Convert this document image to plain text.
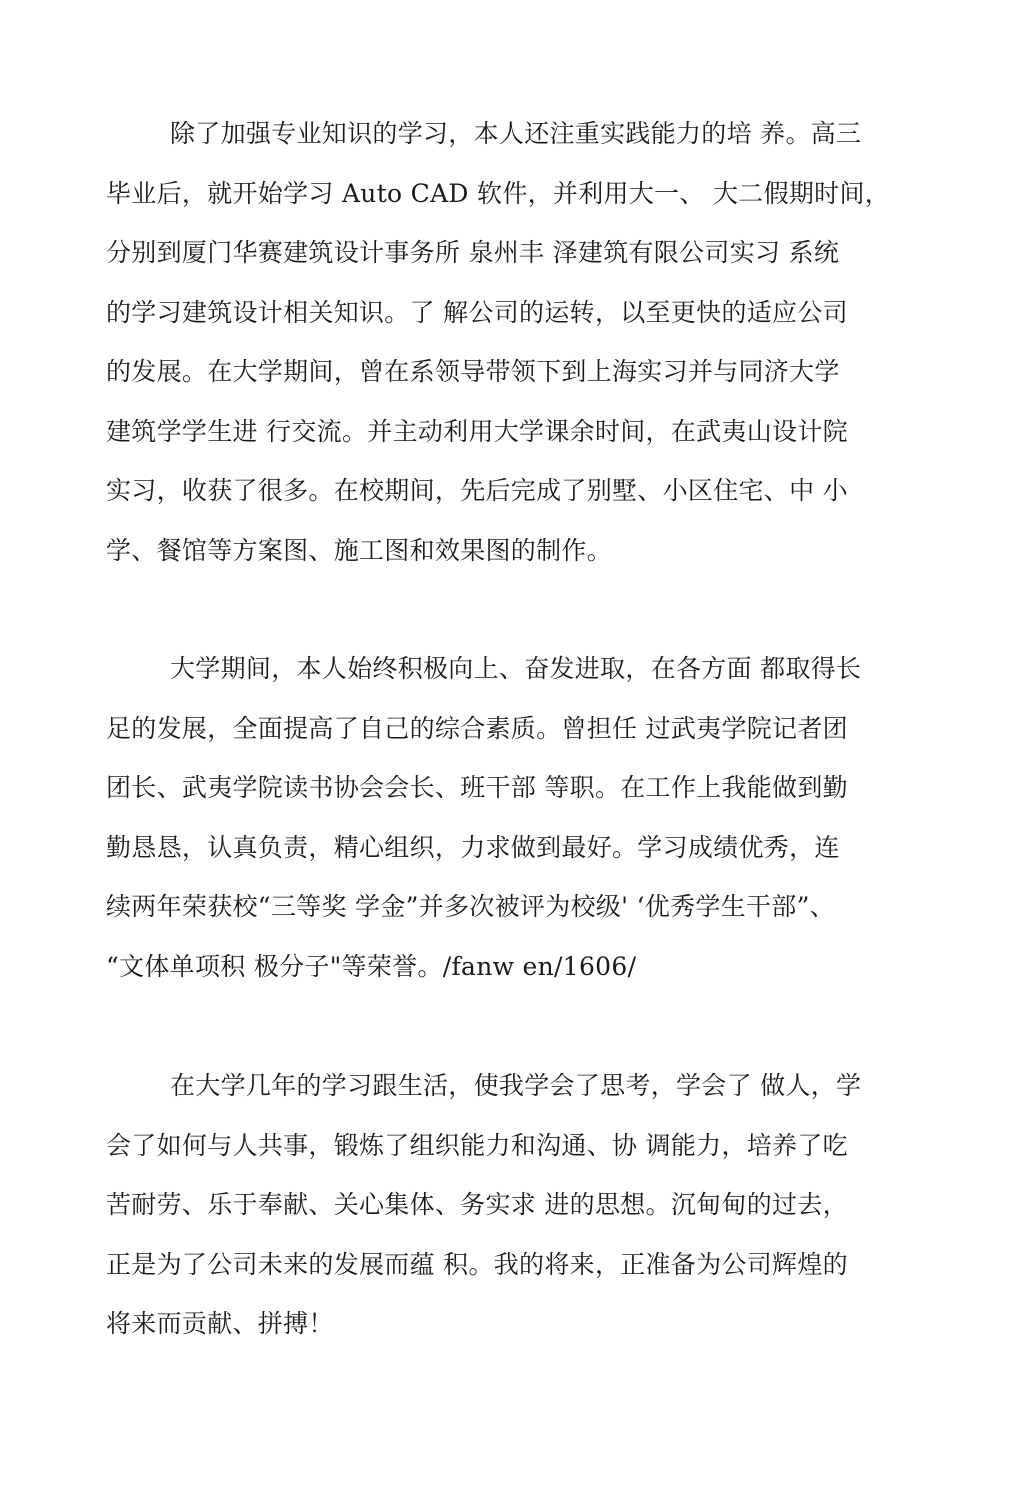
除了加强专业知识的学习，本人还注重实践能力的培 养。高三
毕业后，就开始学习 Auto CAD 软件，并利用大一、 大二假期时间，
分别到厦门华赛建筑设计事务所 泉州丰 泽建筑有限公司实习 系统
的学习建筑设计相关知识。了 解公司的运转，以至更快的适应公司
的发展。在大学期间，曾在系领导带领下到上海实习并与同济大学
建筑学学生进 行交流。并主动利用大学课余时间，在武夷山设计院
实习，收获了很多。在校期间，先后完成了别墅、小区住宅、中 小
学、餐馆等方案图、施工图和效果图的制作。
大学期间，本人始终积极向上、奋发进取，在各方面 都取得长
足的发展，全面提高了自己的综合素质。曾担任 过武夷学院记者团
团长、武夷学院读书协会会长、班干部 等职。在工作上我能做到勤
勤恳恳，认真负责，精心组织，力求做到最好。学习成绩优秀，连
续两年荣获校“三等奖 学金”并多次被评为校级' ‘优秀学生干部”、
“文体单项积 极分子"等荣誉。/fanw en/1606/
在大学几年的学习跟生活，使我学会了思考，学会了 做人，学
会了如何与人共事，锻炼了组织能力和沟通、协 调能力，培养了吃
苦耐劳、乐于奉献、关心集体、务实求 进的思想。沉甸甸的过去，
正是为了公司未来的发展而蕴 积。我的将来，正准备为公司辉煌的
将来而贡献、拼搏！
